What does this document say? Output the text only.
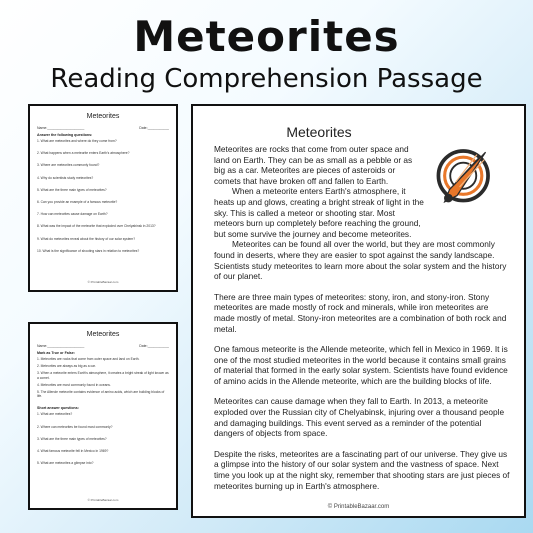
Meteorites
Reading Comprehension Passage
Meteorites
Name:___________________	Date:___________
Answer the following questions:
1. What are meteorites and where do they come from?
2. What happens when a meteorite enters Earth's atmosphere?
3. Where are meteorites commonly found?
4. Why do scientists study meteorites?
5. What are the three main types of meteorites?
6. Can you provide an example of a famous meteorite?
7. How can meteorites cause damage on Earth?
8. What was the impact of the meteorite that exploded over Chelyabinsk in 2013?
9. What do meteorites reveal about the history of our solar system?
10. What is the significance of shooting stars in relation to meteorites?
© PrintableBazaar.com
Meteorites
Name:___________________	Date:___________
Mark as True or False:
1. Meteorites are rocks that come from outer space and land on Earth.
2. Meteorites are always as big as a car.
3. When a meteorite enters Earth's atmosphere, it creates a bright streak of light known as a comet.
4. Meteorites are most commonly found in oceans.
5. The Allende meteorite contains evidence of amino acids, which are building blocks of life.
Short answer questions:
1. What are meteorites?
2. Where can meteorites be found most commonly?
3. What are the three main types of meteorites?
4. What famous meteorite fell in Mexico in 1969?
5. What are meteorites a glimpse into?
© PrintableBazaar.com
Meteorites

Meteorites are rocks that come from outer space and land on Earth. They can be as small as a pebble or as big as a car. Meteorites are pieces of asteroids or comets that have broken off and fallen to Earth.
When a meteorite enters Earth's atmosphere, it heats up and glows, creating a bright streak of light in the sky. This is called a meteor or shooting star. Most meteors burn up completely before reaching the ground, but some survive the journey and become meteorites.
Meteorites can be found all over the world, but they are most commonly found in deserts, where they are easier to spot against the sandy landscape. Scientists study meteorites to learn more about the solar system and the history of our planet.

There are three main types of meteorites: stony, iron, and stony-iron. Stony meteorites are made mostly of rock and minerals, while iron meteorites are made mostly of metal. Stony-iron meteorites are a combination of both rock and metal.

One famous meteorite is the Allende meteorite, which fell in Mexico in 1969. It is one of the most studied meteorites in the world because it contains small grains of material that formed in the early solar system. Scientists have found evidence of amino acids in the Allende meteorite, which are the building blocks of life.

Meteorites can cause damage when they fall to Earth. In 2013, a meteorite exploded over the Russian city of Chelyabinsk, injuring over a thousand people and damaging buildings. This event served as a reminder of the potential dangers of objects from space.

Despite the risks, meteorites are a fascinating part of our universe. They give us a glimpse into the history of our solar system and the vastness of space. Next time you look up at the night sky, remember that shooting stars are just pieces of meteorites burning up in Earth's atmosphere.

© PrintableBazaar.com
